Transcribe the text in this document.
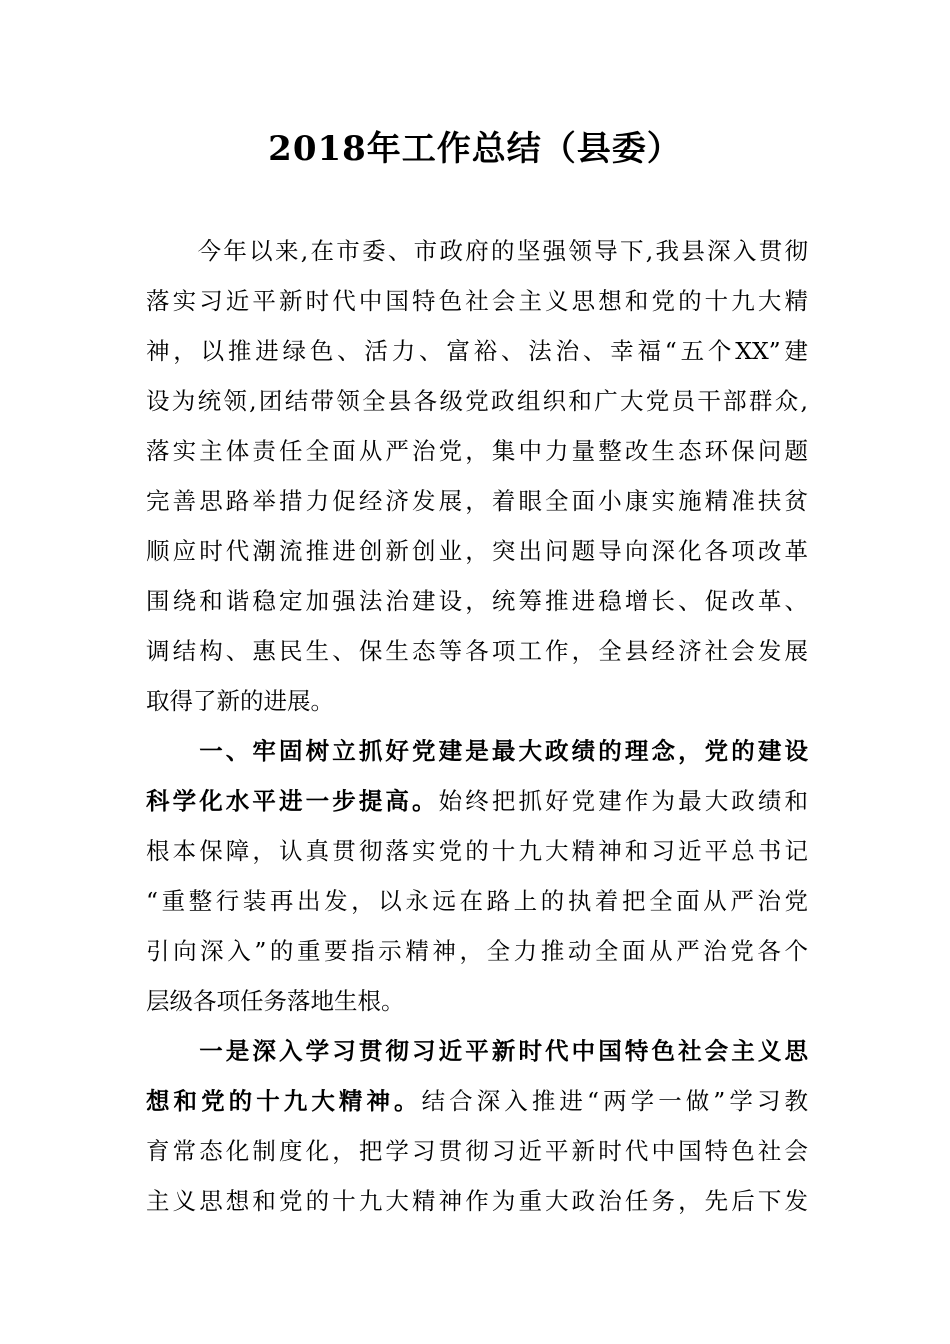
2018年工作总结（县委）
　　今年以来,在市委、市政府的坚强领导下,我县深入贯彻
落实习近平新时代中国特色社会主义思想和党的十九大精
神，以推进绿色、活力、富裕、法治、幸福“五个XX”建
设为统领,团结带领全县各级党政组织和广大党员干部群众,
落实主体责任全面从严治党，集中力量整改生态环保问题
完善思路举措力促经济发展，着眼全面小康实施精准扶贫
顺应时代潮流推进创新创业，突出问题导向深化各项改革
围绕和谐稳定加强法治建设，统筹推进稳增长、促改革、
调结构、惠民生、保生态等各项工作，全县经济社会发展
取得了新的进展。
　　一、牢固树立抓好党建是最大政绩的理念，党的建设
科学化水平进一步提高。始终把抓好党建作为最大政绩和
根本保障，认真贯彻落实党的十九大精神和习近平总书记
“重整行装再出发，以永远在路上的执着把全面从严治党
引向深入”的重要指示精神，全力推动全面从严治党各个
层级各项任务落地生根。
　　一是深入学习贯彻习近平新时代中国特色社会主义思
想和党的十九大精神。结合深入推进“两学一做”学习教
育常态化制度化，把学习贯彻习近平新时代中国特色社会
主义思想和党的十九大精神作为重大政治任务，先后下发
